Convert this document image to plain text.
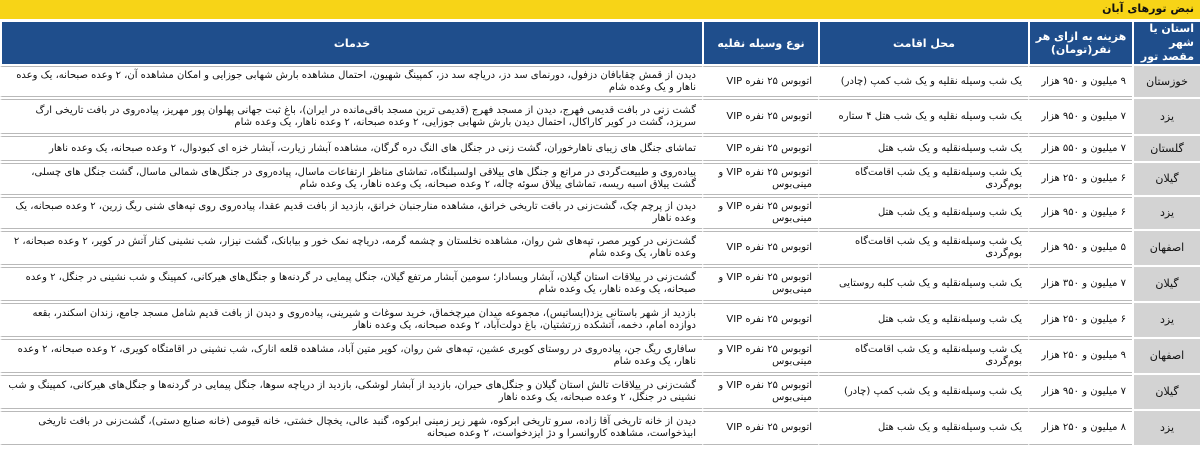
نبض تورهای آبان
استان یا شهر مقصد تور	هزینه به ازای هر نفر(تومان)	محل اقامت	نوع وسیله نقلیه	خدمات
خوزستان	۹ میلیون و ۹۵۰ هزار	یک شب وسیله نقلیه و یک شب کمپ (چادر)	اتوبوس ۲۵ نفره VIP	دیدن از قمش چقابافان دزفول، دورنمای سد دز، دریاچه سد دز، کمپینگ شهیون، احتمال مشاهده بارش شهابی جوزایی و امکان مشاهده آن، ۲ وعده صبحانه، یک وعده ناهار و یک وعده شام
یزد	۷ میلیون و ۹۵۰ هزار	یک شب وسیله نقلیه و یک شب هتل ۴ ستاره	اتوبوس ۲۵ نفره VIP	گشت زنی در بافت قدیمی فهرج، دیدن از مسجد فهرج (قدیمی ترین مسجد باقی‌مانده در ایران)، باغ ثبت جهانی پهلوان پور مهریز، پیاده‌روی در بافت تاریخی ارگ سریزد، گشت در کویر کاراکال، احتمال دیدن بارش شهابی جوزایی، ۲ وعده صبحانه، ۲ وعده ناهار، یک وعده شام
گلستان	۷ میلیون و ۵۵۰ هزار	یک شب وسیله‌نقلیه و یک شب هتل	اتوبوس ۲۵ نفره VIP	تماشای جنگل های زیبای ناهارخوران، گشت زنی در جنگل های النگ دره گرگان، مشاهده آبشار زیارت، آبشار خزه ای کبودوال، ۲ وعده صبحانه، یک وعده ناهار
گیلان	۶ میلیون و ۲۵۰ هزار	یک شب وسیله‌نقلیه و یک شب اقامت‌گاه بوم‌گردی	اتوبوس ۲۵ نفره VIP و مینی‌بوس	پیاده‌روی و طبیعت‌گردی در مراتع و جنگل های ییلاقی اولسبلنگاه، تماشای مناظر ارتفاعات ماسال، پیاده‌روی در جنگل‌های شمالی ماسال، گشت جنگل های چسلی، گشت ییلاق اسبه ریسه، تماشای ییلاق سوئه چاله، ۲ وعده صبحانه، یک وعده ناهار، یک وعده شام
یزد	۶ میلیون و ۹۵۰ هزار	یک شب وسیله‌نقلیه و یک شب هتل	اتوبوس ۲۵ نفره VIP و مینی‌بوس	دیدن از پرچم چک، گشت‌زنی در بافت تاریخی خرانق، مشاهده منارجنبان خرانق، بازدید از بافت قدیم عقدا، پیاده‌روی روی تپه‌های شنی ریگ زرین، ۲ وعده صبحانه، یک وعده ناهار
اصفهان	۵ میلیون و ۹۵۰ هزار	یک شب وسیله‌نقلیه و یک شب اقامت‌گاه بوم‌گردی	اتوبوس ۲۵ نفره VIP	گشت‌زنی در کویر مصر، تپه‌های شن روان، مشاهده نخلستان و چشمه گرمه، دریاچه نمک خور و بیابانک، گشت نیزار، شب نشینی کنار آتش در کویر، ۲ وعده صبحانه، ۲ وعده ناهار، یک وعده شام
گیلان	۷ میلیون و ۳۵۰ هزار	یک شب وسیله‌نقلیه و یک شب کلبه روستایی	اتوبوس ۲۵ نفره VIP و مینی‌بوس	گشت‌زنی در ییلاقات استان گیلان، آبشار ویسادار؛ سومین آبشار مرتفع گیلان، جنگل پیمایی در گردنه‌ها و جنگل‌های هیرکانی، کمپینگ و شب نشینی در جنگل، ۲ وعده صبحانه، یک وعده ناهار، یک وعده شام
یزد	۶ میلیون و ۲۵۰ هزار	یک شب وسیله‌نقلیه و یک شب هتل	اتوبوس ۲۵ نفره VIP	بازدید از شهر باستانی یزد(ایساتیس)، مجموعه میدان میرچخماق، خرید سوغات و شیرینی، پیاده‌روی و دیدن از بافت قدیم شامل مسجد جامع، زندان اسکندر، بقعه دوازده امام، دخمه، آتشکده زرتشتیان، باغ دولت‌آباد، ۲ وعده صبحانه، یک وعده ناهار
اصفهان	۹ میلیون و ۲۵۰ هزار	یک شب وسیله‌نقلیه و یک شب اقامت‌گاه بوم‌گردی	اتوبوس ۲۵ نفره VIP و مینی‌بوس	سافاری ریگ جن، پیاده‌روی در روستای کویری عشین، تپه‌های شن روان، کویر متین آباد، مشاهده قلعه انارک، شب نشینی در اقامتگاه کویری، ۲ وعده صبحانه، ۲ وعده ناهار، یک وعده شام
گیلان	۷ میلیون و ۹۵۰ هزار	یک شب وسیله‌نقلیه و یک شب کمپ (چادر)	اتوبوس ۲۵ نفره VIP و مینی‌بوس	گشت‌زنی در ییلاقات تالش استان گیلان و جنگل‌های حیران، بازدید از آبشار لوشکی، بازدید از دریاچه سوها، جنگل پیمایی در گردنه‌ها و جنگل‌های هیرکانی، کمپینگ و شب نشینی در جنگل، ۲ وعده صبحانه، یک وعده ناهار
یزد	۸ میلیون و ۲۵۰ هزار	یک شب وسیله‌نقلیه و یک شب هتل	اتوبوس ۲۵ نفره VIP	دیدن از خانه تاریخی آقا زاده، سرو تاریخی ابرکوه، شهر زیر زمینی ابرکوه، گنبد عالی، یخچال خشتی، خانه قیومی (خانه صنایع دستی)، گشت‌زنی در بافت تاریخی ابیذخواست، مشاهده کاروانسرا و دژ ایزدخواست، ۲ وعده صبحانه
